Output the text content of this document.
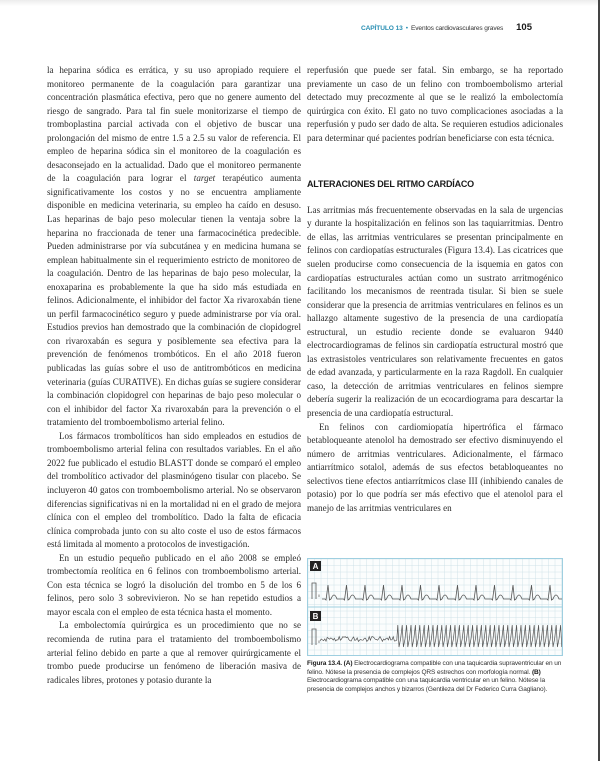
CAPÍTULO 13 • Eventos cardiovasculares graves 105

la heparina sódica es errática, y su uso apropiado requiere el monitoreo permanente de la coagulación para garantizar una concentración plasmática efectiva, pero que no genere aumento del riesgo de sangrado. Para tal fin suele monitorizarse el tiempo de tromboplastina parcial activada con el objetivo de buscar una prolongación del mismo de entre 1.5 a 2.5 su valor de referencia. El empleo de heparina sódica sin el monitoreo de la coagulación es desaconsejado en la actualidad. Dado que el monitoreo permanente de la coagulación para lograr el target terapéutico aumenta significativamente los costos y no se encuentra ampliamente disponible en medicina veterinaria, su empleo ha caído en desuso. Las heparinas de bajo peso molecular tienen la ventaja sobre la heparina no fraccionada de tener una farmacocinética predecible. Pueden administrarse por vía subcutánea y en medicina humana se emplean habitualmente sin el requerimiento estricto de monitoreo de la coagulación. Dentro de las heparinas de bajo peso molecular, la enoxaparina es probablemente la que ha sido más estudiada en felinos. Adicionalmente, el inhibidor del factor Xa rivaroxabán tiene un perfil farmacocinético seguro y puede administrarse por vía oral. Estudios previos han demostrado que la combinación de clopidogrel con rivaroxabán es segura y posiblemente sea efectiva para la prevención de fenómenos trombóticos. En el año 2018 fueron publicadas las guías sobre el uso de antitrombóticos en medicina veterinaria (guías CURATIVE). En dichas guías se sugiere considerar la combinación clopidogrel con heparinas de bajo peso molecular o con el inhibidor del factor Xa rivaroxabán para la prevención o el tratamiento del tromboembolismo arterial felino.

Los fármacos trombolíticos han sido empleados en estudios de tromboembolismo arterial felina con resultados variables. En el año 2022 fue publicado el estudio BLASTT donde se comparó el empleo del trombolítico activador del plasminógeno tisular con placebo. Se incluyeron 40 gatos con tromboembolismo arterial. No se observaron diferencias significativas ni en la mortalidad ni en el grado de mejora clínica con el empleo del trombolítico. Dado la falta de eficacia clínica comprobada junto con su alto coste el uso de estos fármacos está limitada al momento a protocolos de investigación.

En un estudio pequeño publicado en el año 2008 se empleó trombectomía reolítica en 6 felinos con tromboembolismo arterial. Con esta técnica se logró la disolución del trombo en 5 de los 6 felinos, pero solo 3 sobrevivieron. No se han repetido estudios a mayor escala con el empleo de esta técnica hasta el momento.

La embolectomía quirúrgica es un procedimiento que no se recomienda de rutina para el tratamiento del tromboembolismo arterial felino debido en parte a que al remover quirúrgicamente el trombo puede producirse un fenómeno de liberación masiva de radicales libres, protones y potasio durante la

reperfusión que puede ser fatal. Sin embargo, se ha reportado previamente un caso de un felino con tromboembolismo arterial detectado muy precozmente al que se le realizó la embolectomía quirúrgica con éxito. El gato no tuvo complicaciones asociadas a la reperfusión y pudo ser dado de alta. Se requieren estudios adicionales para determinar qué pacientes podrían beneficiarse con esta técnica.

ALTERACIONES DEL RITMO CARDÍACO

Las arritmias más frecuentemente observadas en la sala de urgencias y durante la hospitalización en felinos son las taquiarritmias. Dentro de ellas, las arritmias ventriculares se presentan principalmente en felinos con cardiopatías estructurales (Figura 13.4). Las cicatrices que suelen producirse como consecuencia de la isquemia en gatos con cardiopatías estructurales actúan como un sustrato arritmogénico facilitando los mecanismos de reentrada tisular. Si bien se suele considerar que la presencia de arritmias ventriculares en felinos es un hallazgo altamente sugestivo de la presencia de una cardiopatía estructural, un estudio reciente donde se evaluaron 9440 electrocardiogramas de felinos sin cardiopatía estructural mostró que las extrasistoles ventriculares son relativamente frecuentes en gatos de edad avanzada, y particularmente en la raza Ragdoll. En cualquier caso, la detección de arritmias ventriculares en felinos siempre debería sugerir la realización de un ecocardiograma para descartar la presencia de una cardiopatía estructural.

En felinos con cardiomiopatía hipertrófica el fármaco betabloqueante atenolol ha demostrado ser efectivo disminuyendo el número de arritmias ventriculares. Adicionalmente, el fármaco antiarrítmico sotalol, además de sus efectos betabloqueantes no selectivos tiene efectos antiarrítmicos clase III (inhibiendo canales de potasio) por lo que podría ser más efectivo que el atenolol para el manejo de las arritmias ventriculares en

A
B
II
II
Figura 13.4. (A) Electrocardiograma compatible con una taquicardia supraventricular en un felino. Nótese la presencia de complejos QRS estrechos con morfología normal. (B) Electrocardiograma compatible con una taquicardia ventricular en un felino. Nótese la presencia de complejos anchos y bizarros (Gentileza del Dr Federico Curra Gagliano).
